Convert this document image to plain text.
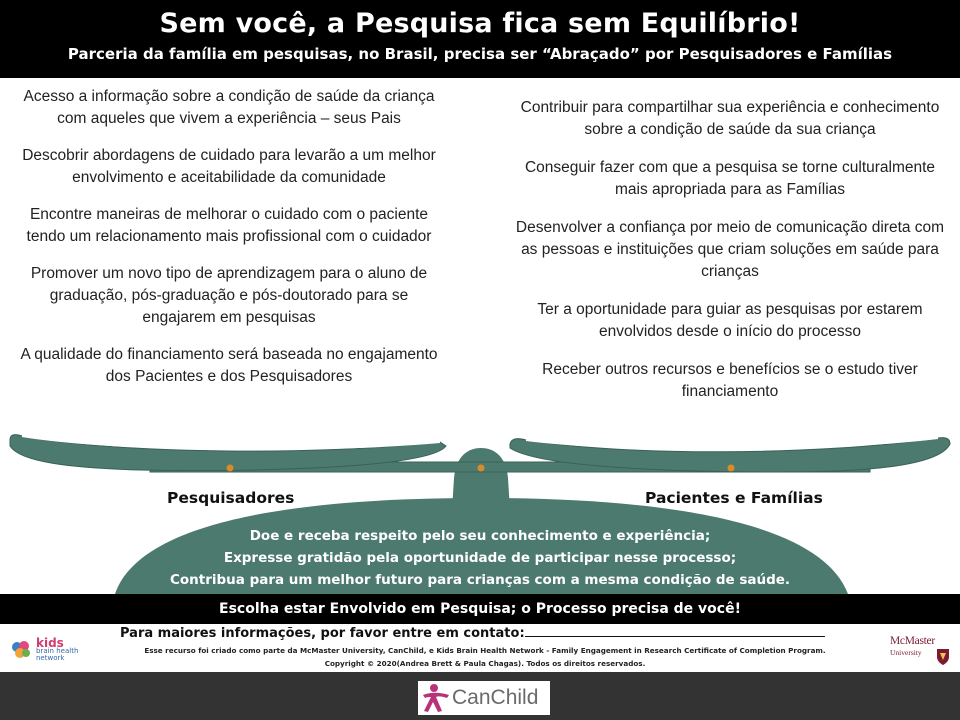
Sem você, a Pesquisa fica sem Equilíbrio!
Parceria da família em pesquisas, no Brasil, precisa ser “Abraçado” por Pesquisadores e Famílias
Acesso a informação sobre a condição de saúde da criança com aqueles que vivem a experiência – seus Pais
Descobrir abordagens de cuidado para levarão a um melhor envolvimento e aceitabilidade da comunidade
Encontre maneiras de melhorar o cuidado com o paciente tendo um relacionamento mais profissional com o cuidador
Promover um novo tipo de aprendizagem para o aluno de graduação, pós-graduação e pós-doutorado para se engajarem em pesquisas
A qualidade do financiamento será baseada no engajamento dos Pacientes e dos Pesquisadores
Contribuir para compartilhar sua experiência e conhecimento sobre a condição de saúde da sua criança
Conseguir fazer com que a pesquisa se torne culturalmente mais apropriada para as Famílias
Desenvolver a confiança por meio de comunicação direta com as pessoas e instituições que criam soluções em saúde para crianças
Ter a oportunidade para guiar as pesquisas por estarem envolvidos desde o início do processo
Receber outros recursos e benefícios se o estudo tiver financiamento
Pesquisadores	Pacientes e Famílias
Doe e receba respeito pelo seu conhecimento e experiência;
Expresse gratidão pela oportunidade de participar nesse processo;
Contribua para um melhor futuro para crianças com a mesma condição de saúde.
Escolha estar Envolvido em Pesquisa; o Processo precisa de você!
kids
brain health
network
Para maiores informações, por favor entre em contato:
Esse recurso foi criado como parte da McMaster University, CanChild, e Kids Brain Health Network - Family Engagement in Research Certificate of Completion Program.
Copyright © 2020(Andrea Brett & Paula Chagas). Todos os direitos reservados.
McMaster
University
CanChild
